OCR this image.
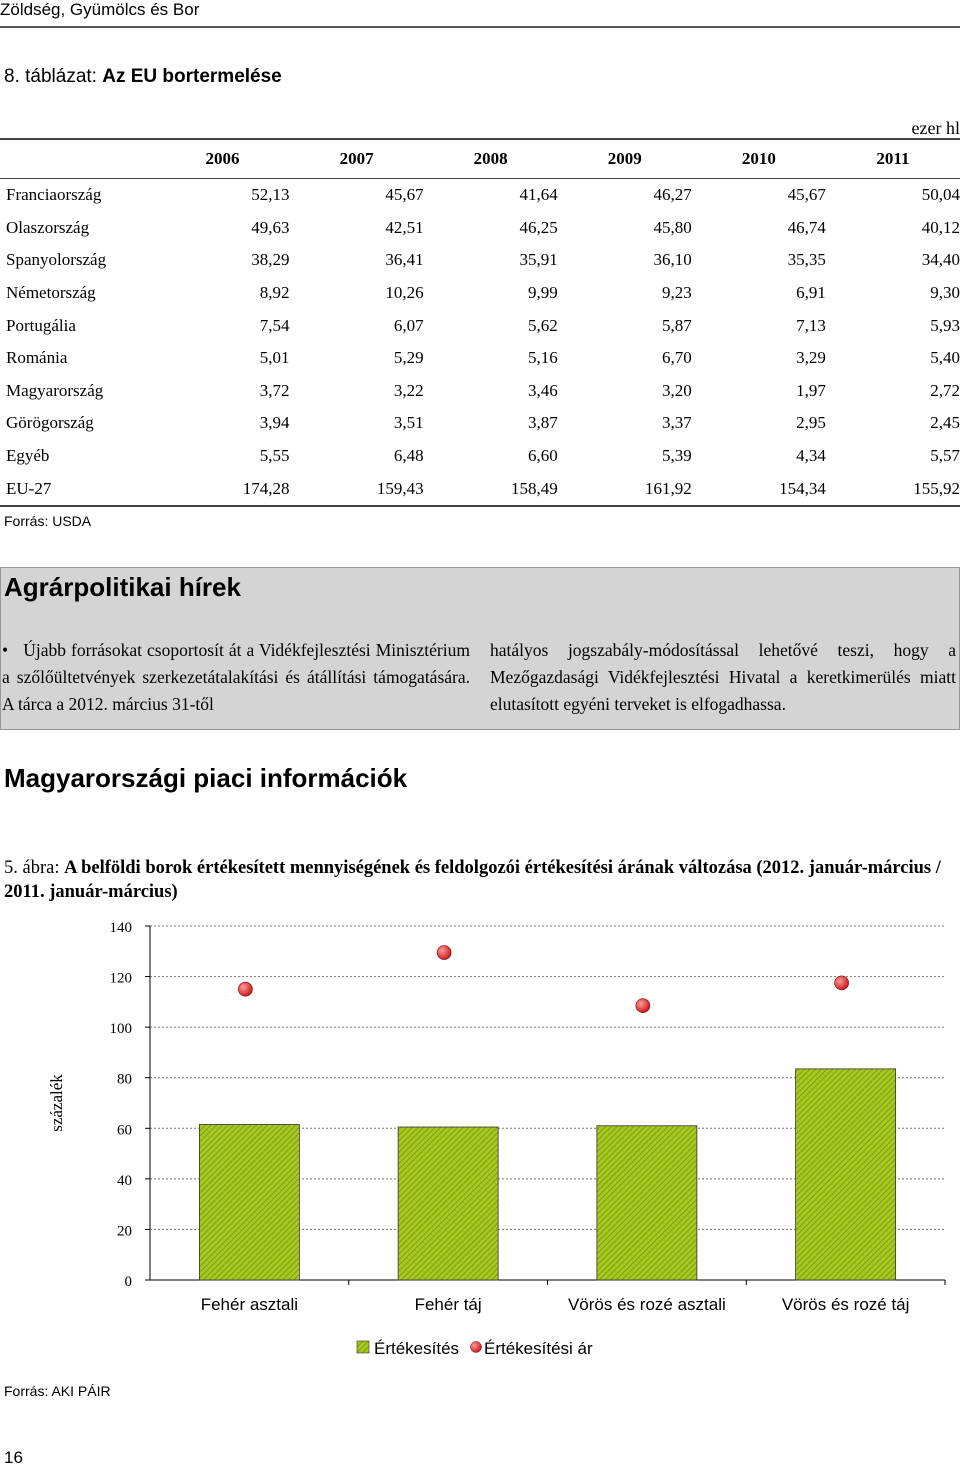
Zöldség, Gyümölcs és Bor
8. táblázat: Az EU bortermelése
ezer hl
	2006	2007	2008	2009	2010	2011
Franciaország	52,13	45,67	41,64	46,27	45,67	50,04
Olaszország	49,63	42,51	46,25	45,80	46,74	40,12
Spanyolország	38,29	36,41	35,91	36,10	35,35	34,40
Németország	8,92	10,26	9,99	9,23	6,91	9,30
Portugália	7,54	6,07	5,62	5,87	7,13	5,93
Románia	5,01	5,29	5,16	6,70	3,29	5,40
Magyarország	3,72	3,22	3,46	3,20	1,97	2,72
Görögország	3,94	3,51	3,87	3,37	2,95	2,45
Egyéb	5,55	6,48	6,60	5,39	4,34	5,57
EU-27	174,28	159,43	158,49	161,92	154,34	155,92
Forrás: USDA
Agrárpolitikai hírek
• Újabb forrásokat csoportosít át a Vidékfejlesztési Minisztérium a szőlőültetvények szerkezetátalakítási és átállítási támogatására. A tárca a 2012. március 31-től
hatályos jogszabály-módosítással lehetővé teszi, hogy a Mezőgazdasági Vidékfejlesztési Hivatal a keretkimerülés miatt elutasított egyéni terveket is elfogadhassa.
Magyarországi piaci információk
5. ábra: A belföldi borok értékesített mennyiségének és feldolgozói értékesítési árának változása (2012. január-március / 2011. január-március)
0
20
40
60
80
100
120
140
százalék
Fehér asztali	Fehér táj	Vörös és rozé asztali	Vörös és rozé táj
Értékesítés Értékesítési ár
Forrás: AKI PÁIR
16
